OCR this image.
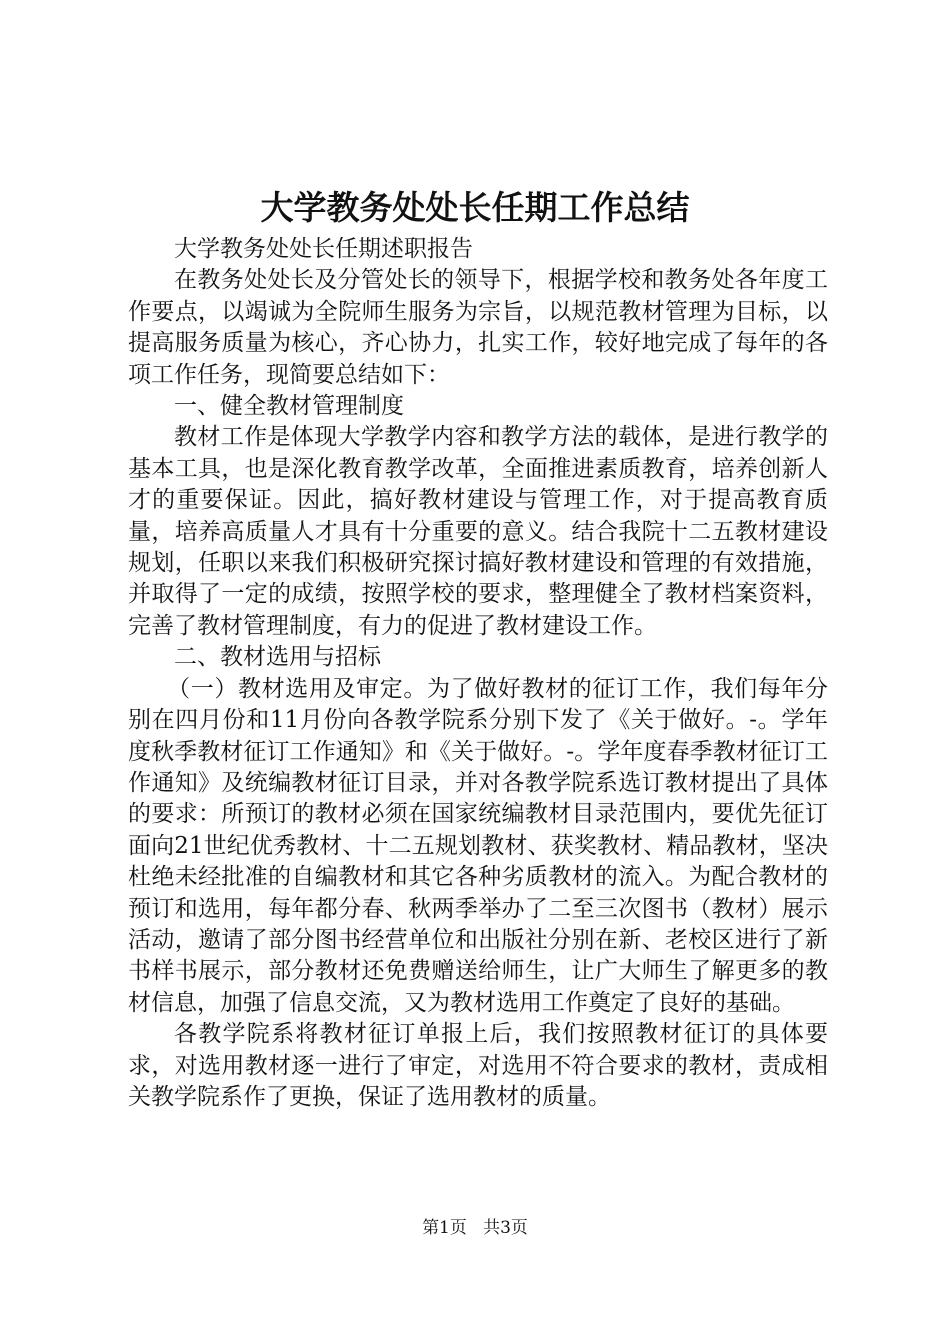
大学教务处处长任期工作总结

大学教务处处长任期述职报告

在教务处处长及分管处长的领导下，根据学校和教务处各年度工作要点，以竭诚为全院师生服务为宗旨，以规范教材管理为目标，以提高服务质量为核心，齐心协力，扎实工作，较好地完成了每年的各项工作任务，现简要总结如下：

一、健全教材管理制度

教材工作是体现大学教学内容和教学方法的载体，是进行教学的基本工具，也是深化教育教学改革，全面推进素质教育，培养创新人才的重要保证。因此，搞好教材建设与管理工作，对于提高教育质量，培养高质量人才具有十分重要的意义。结合我院十二五教材建设规划，任职以来我们积极研究探讨搞好教材建设和管理的有效措施，并取得了一定的成绩，按照学校的要求，整理健全了教材档案资料，完善了教材管理制度，有力的促进了教材建设工作。

二、教材选用与招标

（一）教材选用及审定。为了做好教材的征订工作，我们每年分别在四月份和11月份向各教学院系分别下发了《关于做好。-。学年度秋季教材征订工作通知》和《关于做好。-。学年度春季教材征订工作通知》及统编教材征订目录，并对各教学院系选订教材提出了具体的要求：所预订的教材必须在国家统编教材目录范围内，要优先征订面向21世纪优秀教材、十二五规划教材、获奖教材、精品教材，坚决杜绝未经批准的自编教材和其它各种劣质教材的流入。为配合教材的预订和选用，每年都分春、秋两季举办了二至三次图书（教材）展示活动，邀请了部分图书经营单位和出版社分别在新、老校区进行了新书样书展示，部分教材还免费赠送给师生，让广大师生了解更多的教材信息，加强了信息交流，又为教材选用工作奠定了良好的基础。

各教学院系将教材征订单报上后，我们按照教材征订的具体要求，对选用教材逐一进行了审定，对选用不符合要求的教材，责成相关教学院系作了更换，保证了选用教材的质量。

第1页 共3页
